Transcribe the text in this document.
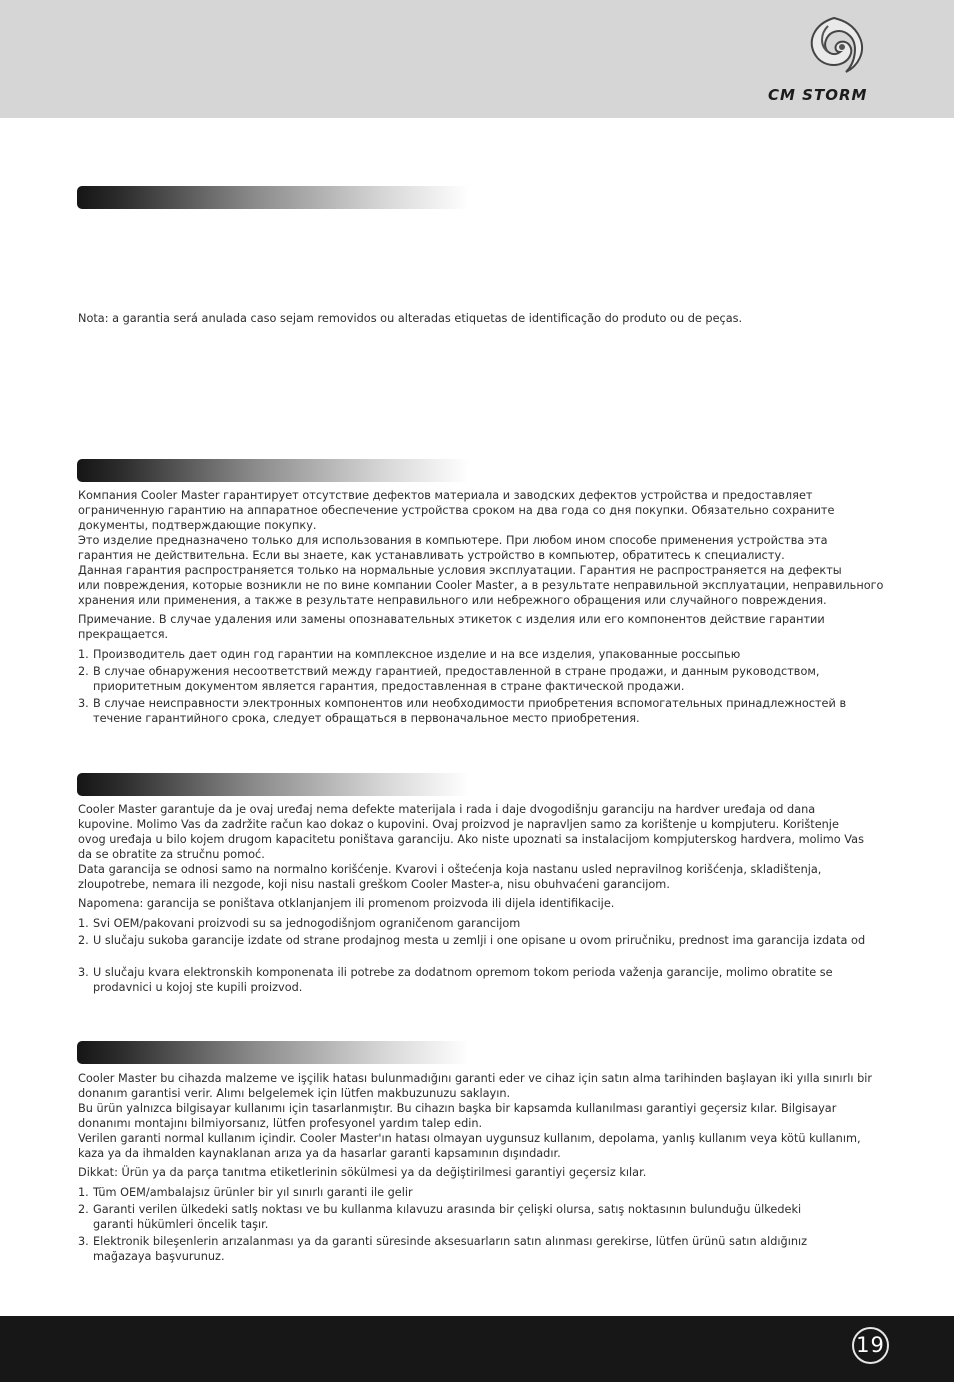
CM STORM

Nota: a garantia será anulada caso sejam removidos ou alteradas etiquetas de identificação do produto ou de peças.

Компания Cooler Master гарантирует отсутствие дефектов материала и заводских дефектов устройства и предоставляет
ограниченную гарантию на аппаратное обеспечение устройства сроком на два года со дня покупки. Обязательно сохраните
документы, подтверждающие покупку.

Это изделие предназначено только для использования в компьютере. При любом ином способе применения устройства эта
гарантия не действительна. Если вы знаете, как устанавливать устройство в компьютер, обратитесь к специалисту.

Данная гарантия распространяется только на нормальные условия эксплуатации. Гарантия не распространяется на дефекты
или повреждения, которые возникли не по вине компании Cooler Master, а в результате неправильной эксплуатации, неправильного
хранения или применения, а также в результате неправильного или небрежного обращения или случайного повреждения.

Примечание. В случае удаления или замены опознавательных этикеток с изделия или его компонентов действие гарантии
прекращается.

1. Производитель дает один год гарантии на комплексное изделие и на все изделия, упакованные россыпью

2. В случае обнаружения несоответствий между гарантией, предоставленной в стране продажи, и данным руководством,
приоритетным документом является гарантия, предоставленная в стране фактической продажи.

3. В случае неисправности электронных компонентов или необходимости приобретения вспомогательных принадлежностей в
течение гарантийного срока, следует обращаться в первоначальное место приобретения.

Cooler Master garantuje da je ovaj uređaj nema defekte materijala i rada i daje dvogodišnju garanciju na hardver uređaja od dana
kupovine. Molimo Vas da zadržite račun kao dokaz o kupovini. Ovaj proizvod je napravljen samo za korištenje u kompjuteru. Korištenje
ovog uređaja u bilo kojem drugom kapacitetu poništava garanciju. Ako niste upoznati sa instalacijom kompjuterskog hardvera, molimo Vas
da se obratite za stručnu pomoć.

Data garancija se odnosi samo na normalno korišćenje. Kvarovi i oštećenja koja nastanu usled nepravilnog korišćenja, skladištenja,
zloupotrebe, nemara ili nezgode, koji nisu nastali greškom Cooler Master-a, nisu obuhvaćeni garancijom.

Napomena: garancija se poništava otklanjanjem ili promenom proizvoda ili dijela identifikacije.

1. Svi OEM/pakovani proizvodi su sa jednogodišnjom ograničenom garancijom

2. U slučaju sukoba garancije izdate od strane prodajnog mesta u zemlji i one opisane u ovom priručniku, prednost ima garancija izdata od

3. U slučaju kvara elektronskih komponenata ili potrebe za dodatnom opremom tokom perioda važenja garancije, molimo obratite se
prodavnici u kojoj ste kupili proizvod.

Cooler Master bu cihazda malzeme ve işçilik hatası bulunmadığını garanti eder ve cihaz için satın alma tarihinden başlayan iki yılla sınırlı bir
donanım garantisi verir. Alımı belgelemek için lütfen makbuzunuzu saklayın.

Bu ürün yalnızca bilgisayar kullanımı için tasarlanmıştır. Bu cihazın başka bir kapsamda kullanılması garantiyi geçersiz kılar. Bilgisayar
donanımı montajını bilmiyorsanız, lütfen profesyonel yardım talep edin.

Verilen garanti normal kullanım içindir. Cooler Master'ın hatası olmayan uygunsuz kullanım, depolama, yanlış kullanım veya kötü kullanım,
kaza ya da ihmalden kaynaklanan arıza ya da hasarlar garanti kapsamının dışındadır.

Dikkat: Ürün ya da parça tanıtma etiketlerinin sökülmesi ya da değiştirilmesi garantiyi geçersiz kılar.

1. Tüm OEM/ambalajsız ürünler bir yıl sınırlı garanti ile gelir

2. Garanti verilen ülkedeki satlş noktası ve bu kullanma kılavuzu arasında bir çelişki olursa, satış noktasının bulunduğu ülkedeki
garanti hükümleri öncelik taşır.

3. Elektronik bileşenlerin arızalanması ya da garanti süresinde aksesuarların satın alınması gerekirse, lütfen ürünü satın aldığınız
mağazaya başvurunuz.

19
